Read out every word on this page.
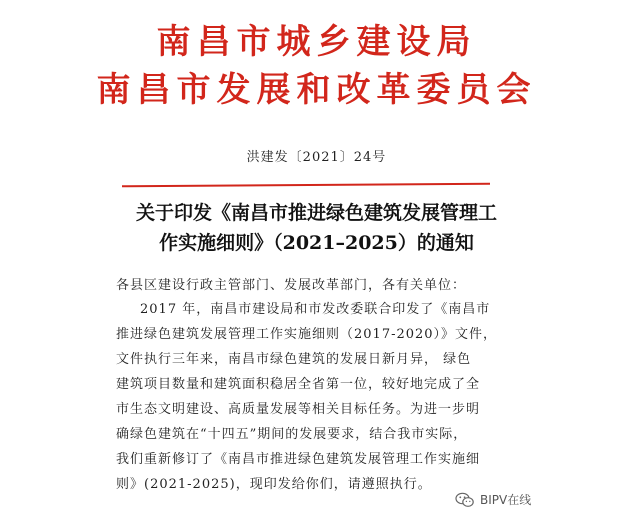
南昌市城乡建设局
南昌市发展和改革委员会
洪建发〔2021〕24号
关于印发《南昌市推进绿色建筑发展管理工
作实施细则》（2021–2025）的通知
各县区建设行政主管部门、发展改革部门，各有关单位：
2017 年，南昌市建设局和市发改委联合印发了《南昌市
推进绿色建筑发展管理工作实施细则（2017-2020）》文件，
文件执行三年来，南昌市绿色建筑的发展日新月异， 绿色
建筑项目数量和建筑面积稳居全省第一位，较好地完成了全
市生态文明建设、高质量发展等相关目标任务。为进一步明
确绿色建筑在“十四五”期间的发展要求，结合我市实际，
我们重新修订了《南昌市推进绿色建筑发展管理工作实施细
则》(2021-2025)，现印发给你们，请遵照执行。
BIPV在线
